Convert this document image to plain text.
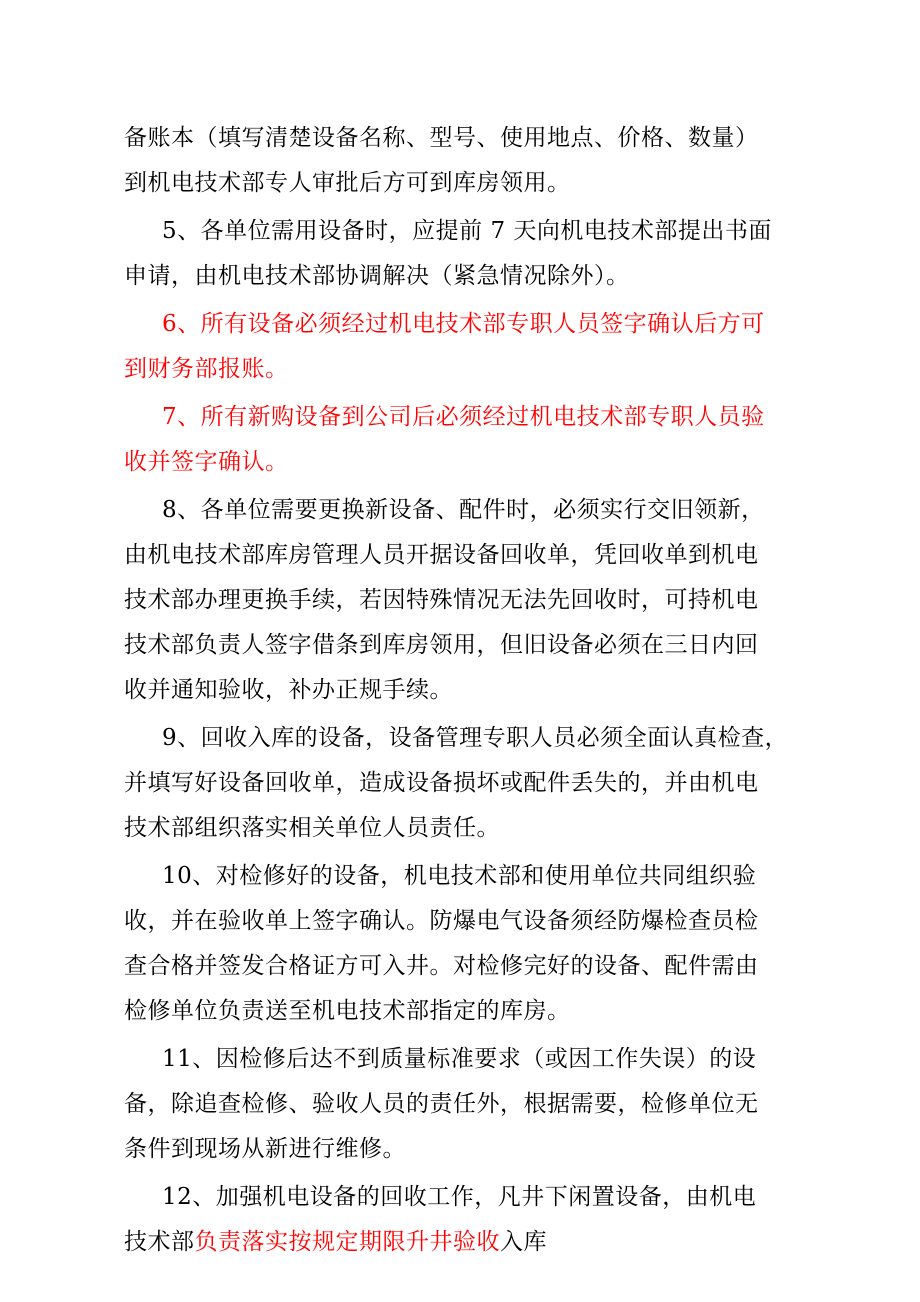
备账本（填写清楚设备名称、型号、使用地点、价格、数量）
到机电技术部专人审批后方可到库房领用。
5、各单位需用设备时，应提前 7 天向机电技术部提出书面
申请，由机电技术部协调解决（紧急情况除外）。
6、所有设备必须经过机电技术部专职人员签字确认后方可
到财务部报账。
7、所有新购设备到公司后必须经过机电技术部专职人员验
收并签字确认。
8、各单位需要更换新设备、配件时，必须实行交旧领新，
由机电技术部库房管理人员开据设备回收单，凭回收单到机电
技术部办理更换手续，若因特殊情况无法先回收时，可持机电
技术部负责人签字借条到库房领用，但旧设备必须在三日内回
收并通知验收，补办正规手续。
9、回收入库的设备，设备管理专职人员必须全面认真检查，
并填写好设备回收单，造成设备损坏或配件丢失的，并由机电
技术部组织落实相关单位人员责任。
10、对检修好的设备，机电技术部和使用单位共同组织验
收，并在验收单上签字确认。防爆电气设备须经防爆检查员检
查合格并签发合格证方可入井。对检修完好的设备、配件需由
检修单位负责送至机电技术部指定的库房。
11、因检修后达不到质量标准要求（或因工作失误）的设
备，除追查检修、验收人员的责任外，根据需要，检修单位无
条件到现场从新进行维修。
12、加强机电设备的回收工作，凡井下闲置设备，由机电
技术部负责落实按规定期限升井验收入库
